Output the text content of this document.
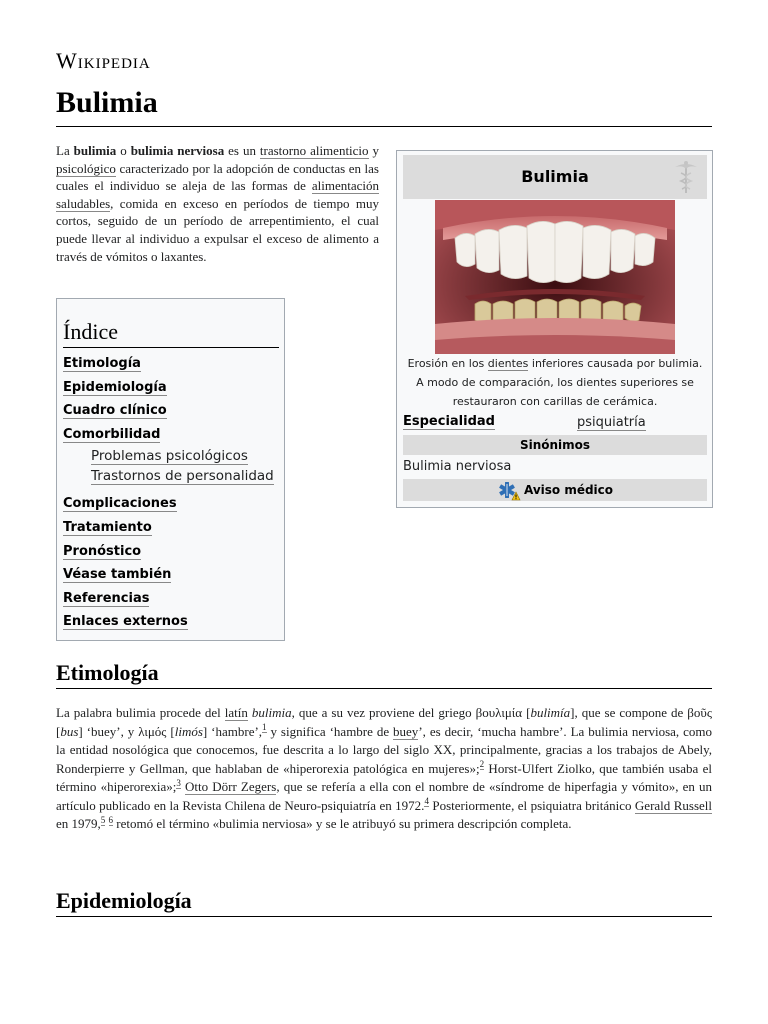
Wikipedia
Bulimia

La bulimia o bulimia nerviosa es un trastorno alimenticio y psicológico caracterizado por la adopción de conductas en las cuales el individuo se aleja de las formas de alimentación saludables, comida en exceso en períodos de tiempo muy cortos, seguido de un período de arrepentimiento, el cual puede llevar al individuo a expulsar el exceso de alimento a través de vómitos o laxantes.

Índice
Etimología
Epidemiología
Cuadro clínico
Comorbilidad
Problemas psicológicos
Trastornos de personalidad
Complicaciones
Tratamiento
Pronóstico
Véase también
Referencias
Enlaces externos
Bulimia
Erosión en los dientes inferiores causada por bulimia. A modo de comparación, los dientes superiores se restauraron con carillas de cerámica.
Especialidad	psiquiatría
Sinónimos
Bulimia nerviosa
Aviso médico
Etimología

La palabra bulimia procede del latín bulimia, que a su vez proviene del griego βουλιμία [bulimía], que se compone de βοῦς [bus] ‘buey’, y λιμός [limós] ‘hambre’,$^1$ y significa ‘hambre de buey’, es decir, ‘mucha hambre’. La bulimia nerviosa, como la entidad nosológica que conocemos, fue descrita a lo largo del siglo XX, principalmente, gracias a los trabajos de Abely, Ronderpierre y Gellman, que hablaban de «hiperorexia patológica en mujeres»;$^2$ Horst-Ulfert Ziolko, que también usaba el término «hiperorexia»;$^3$ Otto Dörr Zegers, que se refería a ella con el nombre de «síndrome de hiperfagia y vómito», en un artículo publicado en la Revista Chilena de Neuro-psiquiatría en 1972.$^4$ Posteriormente, el psiquiatra británico Gerald Russell en 1979,$^5$ $^6$ retomó el término «bulimia nerviosa» y se le atribuyó su primera descripción completa.

Epidemiología
